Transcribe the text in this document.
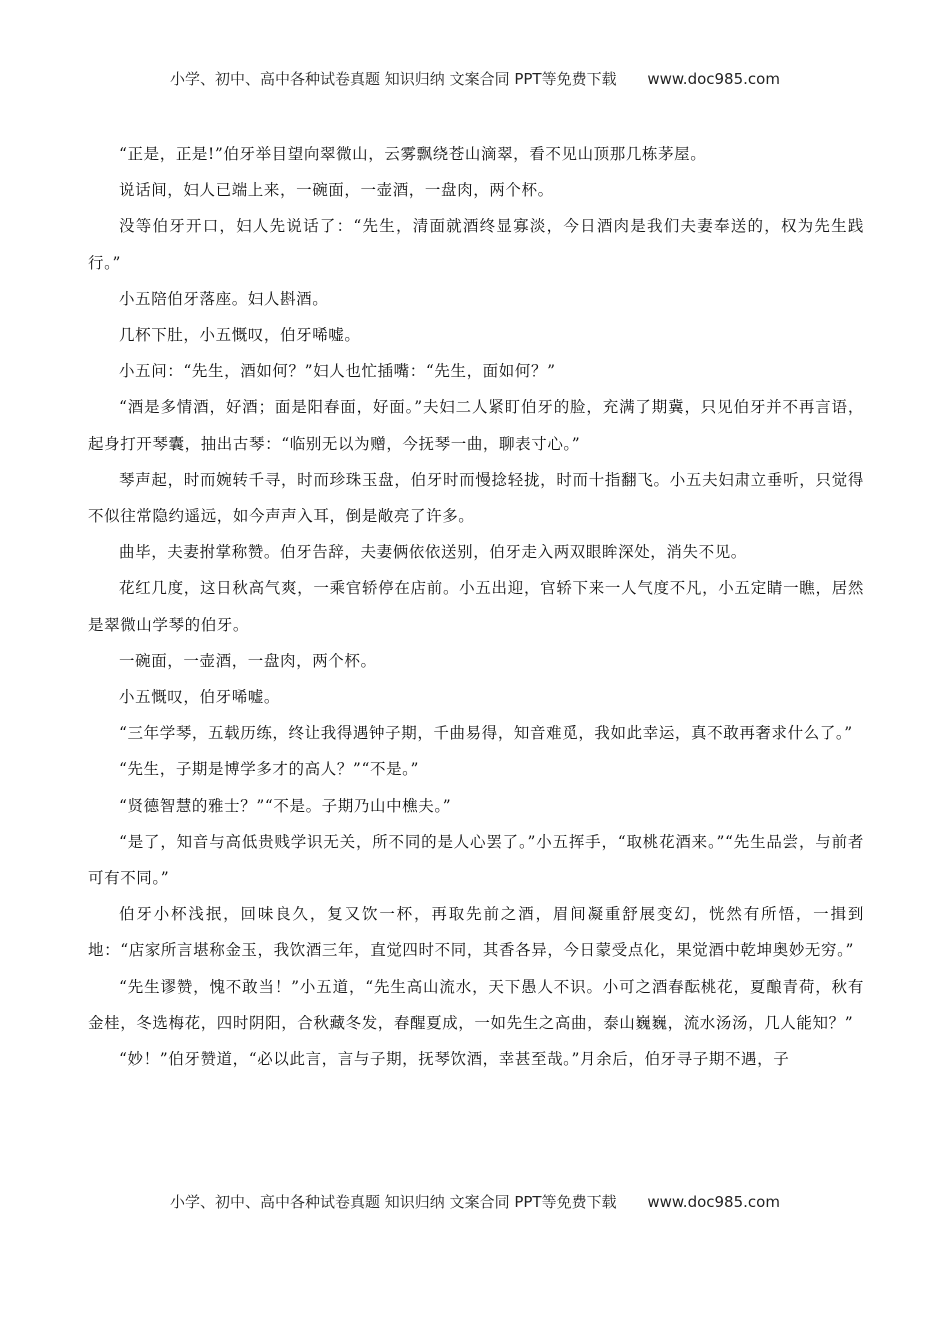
小学、初中、高中各种试卷真题 知识归纳 文案合同 PPT等免费下载 www.doc985.com

“正是，正是!”伯牙举目望向翠微山，云雾飘绕苍山滴翠，看不见山顶那几栋茅屋。

说话间，妇人已端上来，一碗面，一壶酒，一盘肉，两个杯。

没等伯牙开口，妇人先说话了：“先生，清面就酒终显寡淡，今日酒肉是我们夫妻奉送的，权为先生践行。”

小五陪伯牙落座。妇人斟酒。

几杯下肚，小五慨叹，伯牙唏嘘。

小五问：“先生，酒如何？”妇人也忙插嘴：“先生，面如何？”

“酒是多情酒，好酒；面是阳春面，好面。”夫妇二人紧盯伯牙的脸，充满了期冀，只见伯牙并不再言语，起身打开琴囊，抽出古琴：“临别无以为赠，今抚琴一曲，聊表寸心。”

琴声起，时而婉转千寻，时而珍珠玉盘，伯牙时而慢捻轻拢，时而十指翻飞。小五夫妇肃立垂听，只觉得不似往常隐约遥远，如今声声入耳，倒是敞亮了许多。

曲毕，夫妻拊掌称赞。伯牙告辞，夫妻俩依依送别，伯牙走入两双眼眸深处，消失不见。

花红几度，这日秋高气爽，一乘官轿停在店前。小五出迎，官轿下来一人气度不凡，小五定睛一瞧，居然是翠微山学琴的伯牙。

一碗面，一壶酒，一盘肉，两个杯。

小五慨叹，伯牙唏嘘。

“三年学琴，五载历练，终让我得遇钟子期，千曲易得，知音难觅，我如此幸运，真不敢再奢求什么了。”

“先生，子期是博学多才的高人？”“不是。”

“贤德智慧的雅士？”“不是。子期乃山中樵夫。”

“是了，知音与高低贵贱学识无关，所不同的是人心罢了。”小五挥手，“取桃花酒来。”“先生品尝，与前者可有不同。”

伯牙小杯浅抿，回味良久，复又饮一杯，再取先前之酒，眉间凝重舒展变幻，恍然有所悟，一揖到地：“店家所言堪称金玉，我饮酒三年，直觉四时不同，其香各异，今日蒙受点化，果觉酒中乾坤奥妙无穷。”

“先生谬赞，愧不敢当！”小五道，“先生高山流水，天下愚人不识。小可之酒春酝桃花，夏酿青荷，秋有金桂，冬选梅花，四时阴阳，合秋藏冬发，春醒夏成，一如先生之高曲，泰山巍巍，流水汤汤，几人能知？”

“妙！”伯牙赞道，“必以此言，言与子期，抚琴饮酒，幸甚至哉。”月余后，伯牙寻子期不遇，子

小学、初中、高中各种试卷真题 知识归纳 文案合同 PPT等免费下载 www.doc985.com
